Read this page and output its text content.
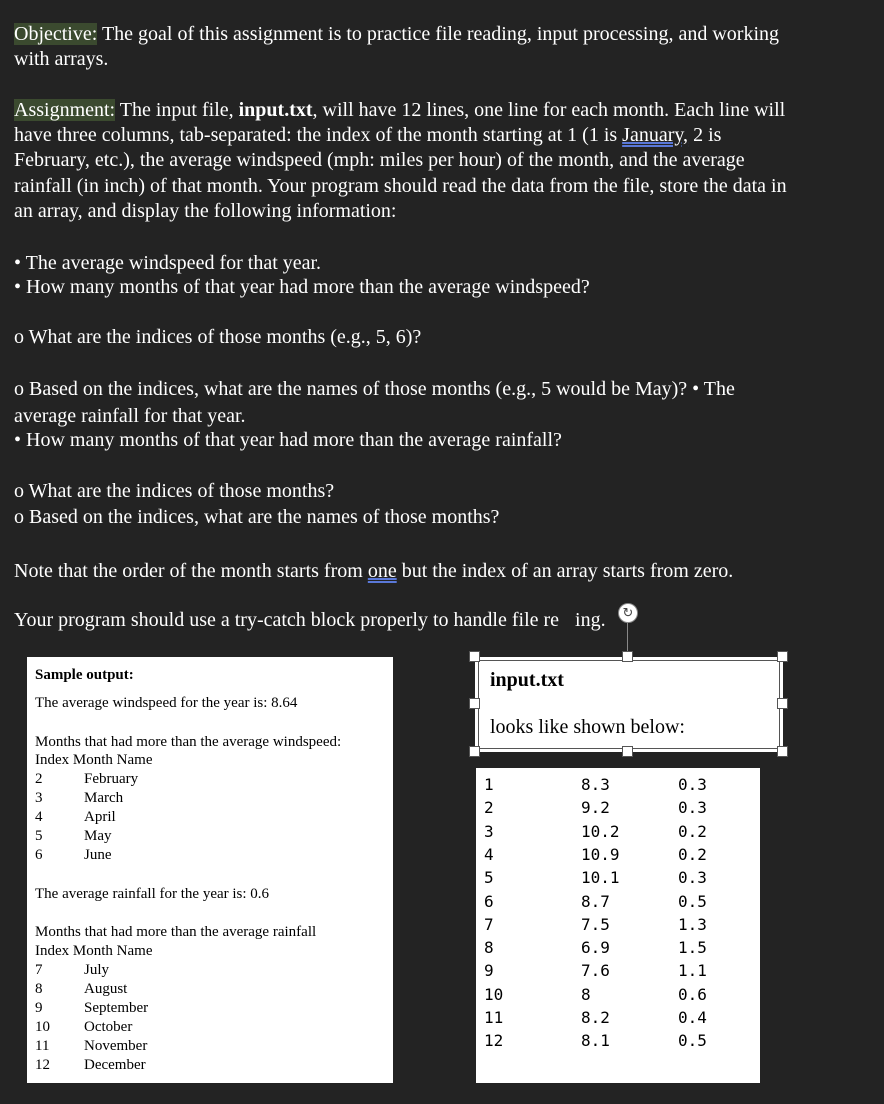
Objective: The goal of this assignment is to practice file reading, input processing, and working

with arrays.

Assignment: The input file, input.txt, will have 12 lines, one line for each month. Each line will

have three columns, tab-separated: the index of the month starting at 1 (1 is January, 2 is

February, etc.), the average windspeed (mph: miles per hour) of the month, and the average

rainfall (in inch) of that month. Your program should read the data from the file, store the data in

an array, and display the following information:

• The average windspeed for that year.

• How many months of that year had more than the average windspeed?

o What are the indices of those months (e.g., 5, 6)?

o Based on the indices, what are the names of those months (e.g., 5 would be May)? • The

average rainfall for that year.

• How many months of that year had more than the average rainfall?

o What are the indices of those months?

o Based on the indices, what are the names of those months?

Note that the order of the month starts from one but the index of an array starts from zero.

Your program should use a try-catch block properly to handle file re ing.

Sample output:
The average windspeed for the year is: 8.64
Months that had more than the average windspeed:
Index Month Name
2	February
3	March
4	April
5	May
6	June
The average rainfall for the year is: 0.6
Months that had more than the average rainfall
Index Month Name
7	July
8	August
9	September
10 October
11 November
12 December
↻
input.txt
looks like shown below:
1	8.3	0.3
2	9.2	0.3
3	10.2	0.2
4	10.9	0.2
5	10.1	0.3
6	8.7	0.5
7	7.5	1.3
8	6.9	1.5
9	7.6	1.1
10	8	0.6
11	8.2	0.4
12	8.1	0.5
